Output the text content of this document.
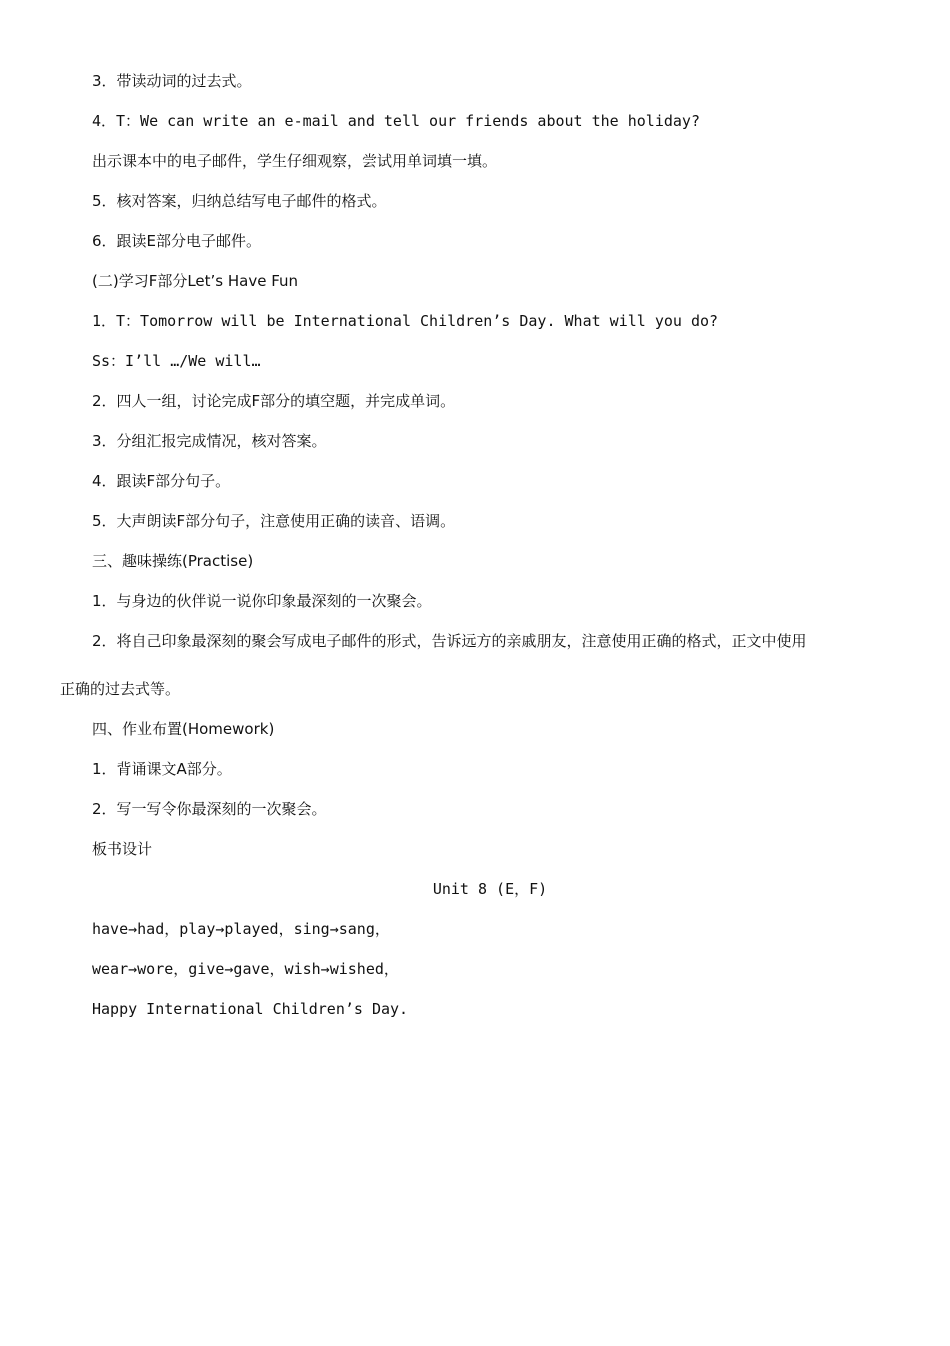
3．带读动词的过去式。
4．T：We can write an e-mail and tell our friends about the holiday?
出示课本中的电子邮件，学生仔细观察，尝试用单词填一填。
5．核对答案，归纳总结写电子邮件的格式。
6．跟读E部分电子邮件。
(二)学习F部分Let’s Have Fun
1．T：Tomorrow will be International Children’s Day. What will you do?
Ss：I’ll …/We will…
2．四人一组，讨论完成F部分的填空题，并完成单词。
3．分组汇报完成情况，核对答案。
4．跟读F部分句子。
5．大声朗读F部分句子，注意使用正确的读音、语调。
三、趣味操练(Practise)
1．与身边的伙伴说一说你印象最深刻的一次聚会。
2．将自己印象最深刻的聚会写成电子邮件的形式，告诉远方的亲戚朋友，注意使用正确的格式，正文中使用
正确的过去式等。
四、作业布置(Homework)
1．背诵课文A部分。
2．写一写令你最深刻的一次聚会。
板书设计
Unit 8 (E，F)
have→had，play→played，sing→sang，
wear→wore，give→gave，wish→wished，
Happy International Children’s Day.
